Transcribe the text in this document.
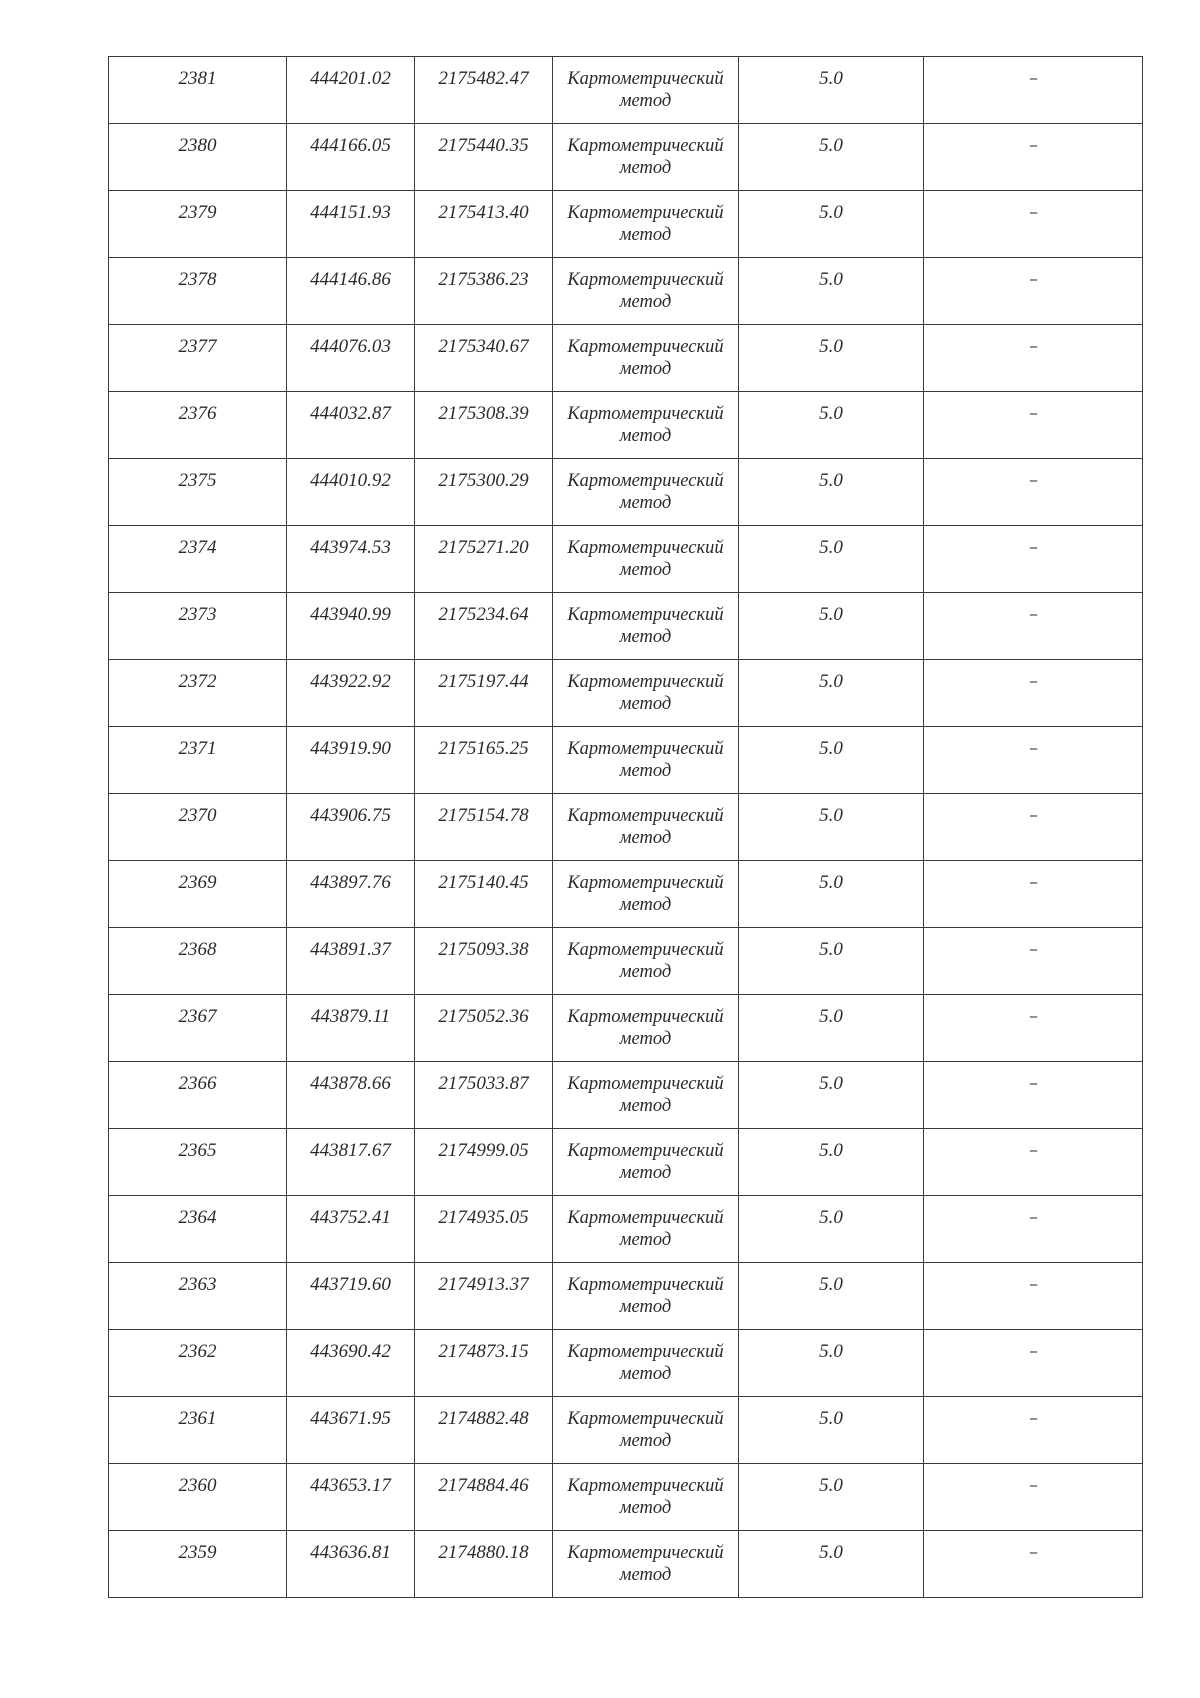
2381	444201.02	2175482.47	Картометрический метод	5.0	--

2380	444166.05	2175440.35	Картометрический метод	5.0	--

2379	444151.93	2175413.40	Картометрический метод	5.0	--

2378	444146.86	2175386.23	Картометрический метод	5.0	--

2377	444076.03	2175340.67	Картометрический метод	5.0	--

2376	444032.87	2175308.39	Картометрический метод	5.0	--

2375	444010.92	2175300.29	Картометрический метод	5.0	--

2374	443974.53	2175271.20	Картометрический метод	5.0	--

2373	443940.99	2175234.64	Картометрический метод	5.0	--

2372	443922.92	2175197.44	Картометрический метод	5.0	--

2371	443919.90	2175165.25	Картометрический метод	5.0	--

2370	443906.75	2175154.78	Картометрический метод	5.0	--

2369	443897.76	2175140.45	Картометрический метод	5.0	--

2368	443891.37	2175093.38	Картометрический метод	5.0	--

2367	443879.11	2175052.36	Картометрический метод	5.0	--

2366	443878.66	2175033.87	Картометрический метод	5.0	--

2365	443817.67	2174999.05	Картометрический метод	5.0	--

2364	443752.41	2174935.05	Картометрический метод	5.0	--

2363	443719.60	2174913.37	Картометрический метод	5.0	--

2362	443690.42	2174873.15	Картометрический метод	5.0	--

2361	443671.95	2174882.48	Картометрический метод	5.0	--

2360	443653.17	2174884.46	Картометрический метод	5.0	--

2359	443636.81	2174880.18	Картометрический метод	5.0	--
